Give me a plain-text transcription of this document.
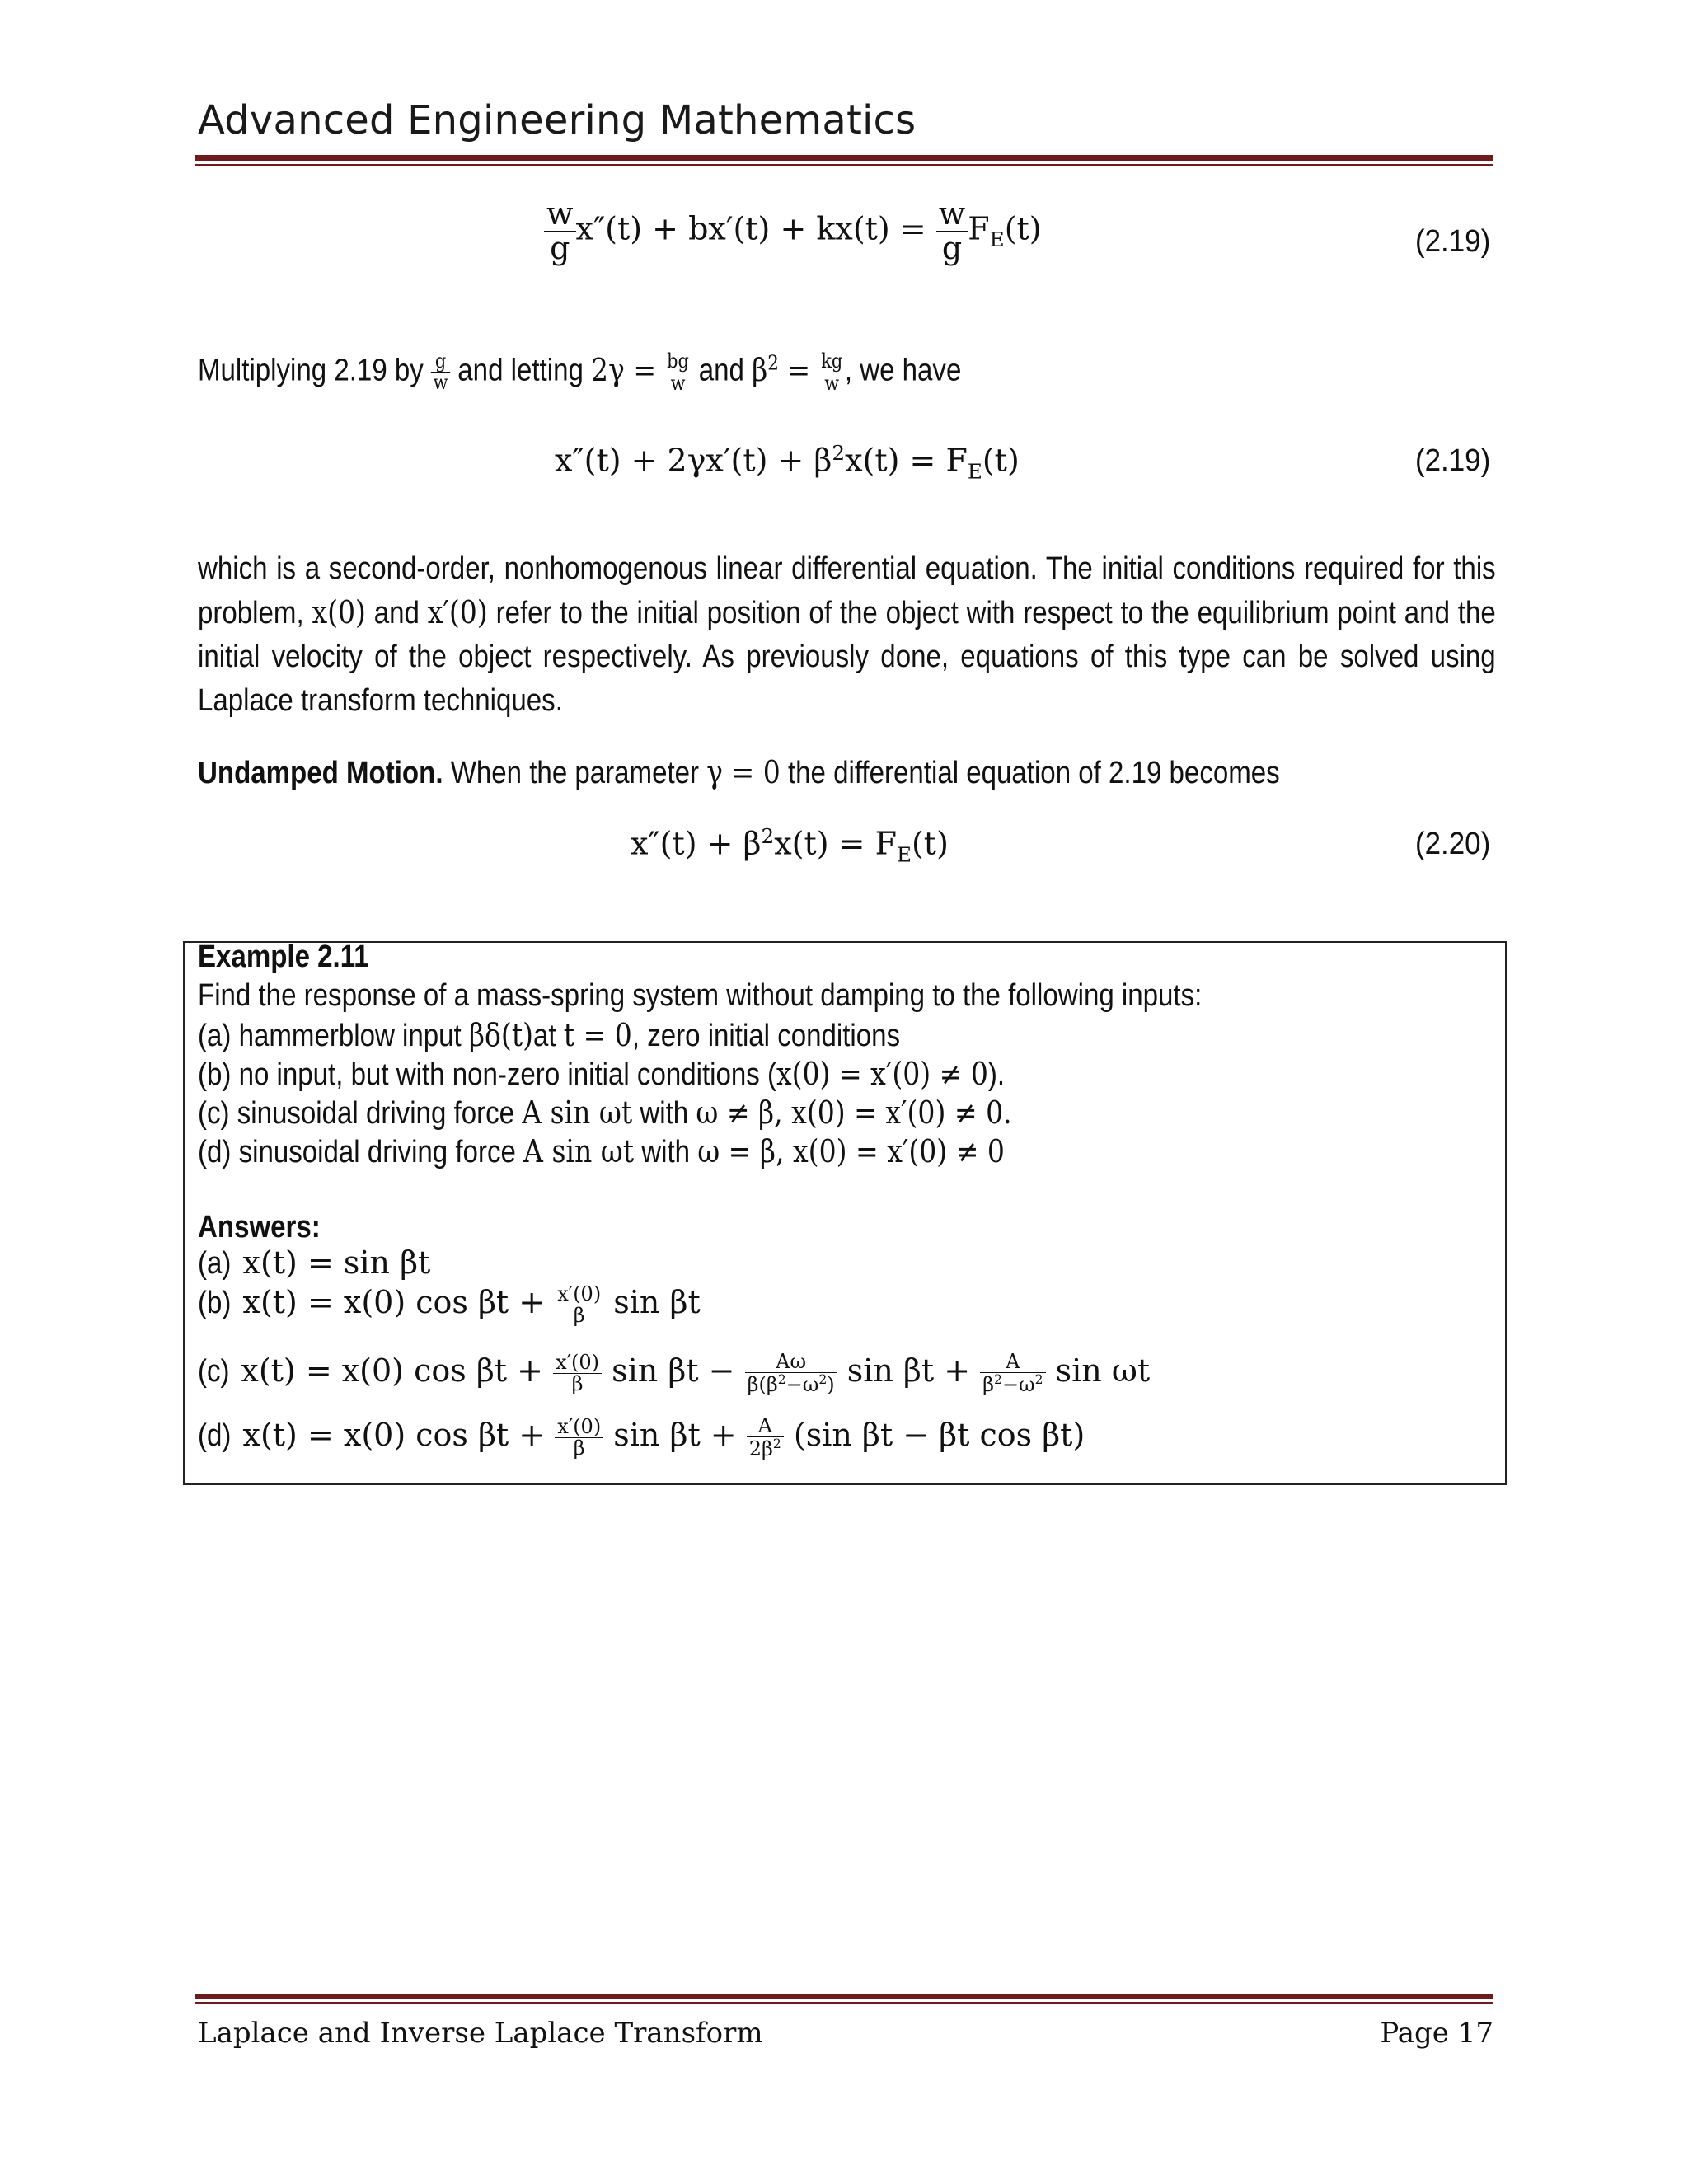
Advanced Engineering Mathematics
$\frac{w}{g} x''(t) + bx'(t) + kx(t) = \frac{w}{g} F_E(t)$	(2.19)
Multiplying 2.19 by $\frac{g}{w}$ and letting $2\gamma = \frac{bg}{w}$ and $\beta^2 = \frac{kg}{w}$ , we have
$x''(t) + 2\gamma x'(t) + \beta^2x(t) = F_E(t)$	(2.19)
which is a second-order, nonhomogenous linear differential equation. The initial conditions required for this problem, x(0) and x′(0) refer to the initial position of the object with respect to the equilibrium point and the initial velocity of the object respectively. As previously done, equations of this type can be solved using Laplace transform techniques.
Undamped Motion. When the parameter γ = 0 the differential equation of 2.19 becomes
$x''(t) + \beta^2x(t) = F_E(t)$	(2.20)
Example 2.11
Find the response of a mass-spring system without damping to the following inputs:
(a) hammerblow input βδ(t)at t = 0, zero initial conditions
(b) no input, but with non-zero initial conditions (x(0) = x′(0) ≠ 0).
(c) sinusoidal driving force A sin ωt with ω ≠ β, x(0) = x′(0) ≠ 0.
(d) sinusoidal driving force A sin ωt with ω = β, x(0) = x′(0) ≠ 0
Answers:
(a) x(t) = sin βt
(b) x(t) = x(0) $\cos \beta t + \frac{x'(0)}{\beta}$ sin βt
(c) x(t) = x(0) $\cos \beta t + \frac{x'(0)}{\beta}$ $\sin \beta t - \frac{A\omega}{\beta(\beta^2-\omega^2)}$ $\sin \beta t + \frac{A}{\beta^2-\omega^2}$ sin ωt
(d) x(t) = x(0) $\cos \beta t + \frac{x'(0)}{\beta}$ $\sin \beta t + \frac{A}{2\beta^2} (\sin$ βt − βt cos βt)
Laplace and Inverse Laplace Transform	Page 17
